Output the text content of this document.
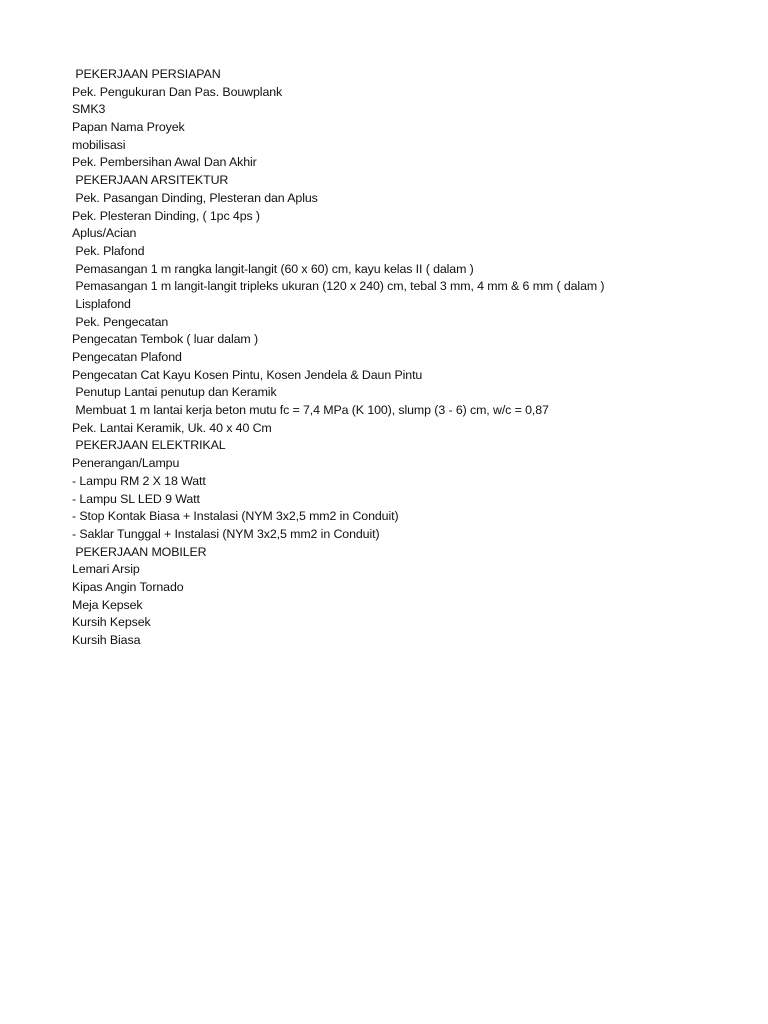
PEKERJAAN PERSIAPAN
Pek. Pengukuran Dan Pas. Bouwplank
SMK3
Papan Nama Proyek
mobilisasi
Pek. Pembersihan Awal Dan Akhir
PEKERJAAN ARSITEKTUR
Pek. Pasangan Dinding, Plesteran dan Aplus
Pek. Plesteran Dinding, ( 1pc 4ps )
Aplus/Acian
Pek. Plafond
Pemasangan 1 m rangka langit-langit (60 x 60) cm, kayu kelas II ( dalam )
Pemasangan 1 m langit-langit tripleks ukuran (120 x 240) cm, tebal 3 mm, 4 mm & 6 mm ( dalam )
Lisplafond
Pek. Pengecatan
Pengecatan Tembok ( luar dalam )
Pengecatan Plafond
Pengecatan Cat Kayu Kosen Pintu, Kosen Jendela & Daun Pintu
Penutup Lantai penutup dan Keramik
Membuat 1 m lantai kerja beton mutu fc = 7,4 MPa (K 100), slump (3 - 6) cm, w/c = 0,87
Pek. Lantai Keramik, Uk. 40 x 40 Cm
PEKERJAAN ELEKTRIKAL
Penerangan/Lampu
- Lampu RM 2 X 18 Watt
- Lampu SL LED 9 Watt
- Stop Kontak Biasa + Instalasi (NYM 3x2,5 mm2 in Conduit)
- Saklar Tunggal + Instalasi (NYM 3x2,5 mm2 in Conduit)
PEKERJAAN MOBILER
Lemari Arsip
Kipas Angin Tornado
Meja Kepsek
Kursih Kepsek
Kursih Biasa
